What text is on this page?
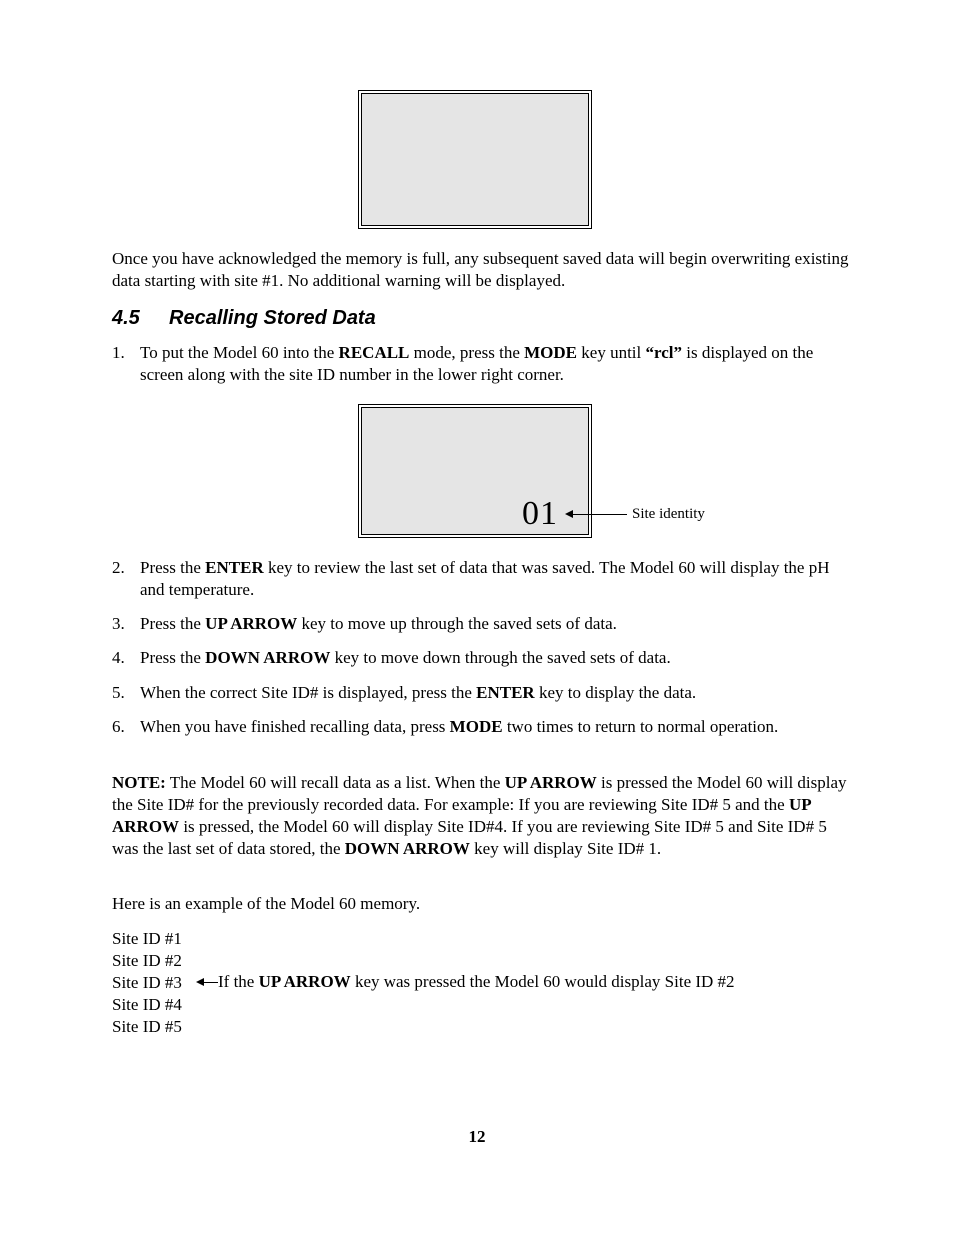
Once you have acknowledged the memory is full, any subsequent saved data will begin overwriting existing data starting with site #1. No additional warning will be displayed.
4.5 Recalling Stored Data
1. To put the Model 60 into the RECALL mode, press the MODE key until “rcl” is displayed on the screen along with the site ID number in the lower right corner.
01	Site identity
2. Press the ENTER key to review the last set of data that was saved. The Model 60 will display the pH and temperature.
3. Press the UP ARROW key to move up through the saved sets of data.
4. Press the DOWN ARROW key to move down through the saved sets of data.
5. When the correct Site ID# is displayed, press the ENTER key to display the data.
6. When you have finished recalling data, press MODE two times to return to normal operation.
NOTE: The Model 60 will recall data as a list. When the UP ARROW is pressed the Model 60 will display the Site ID# for the previously recorded data. For example: If you are reviewing Site ID# 5 and the UP ARROW is pressed, the Model 60 will display Site ID#4. If you are reviewing Site ID# 5 and Site ID# 5 was the last set of data stored, the DOWN ARROW key will display Site ID# 1.
Here is an example of the Model 60 memory.
Site ID #1
Site ID #2
Site ID #3
Site ID #4
Site ID #5
If the UP ARROW key was pressed the Model 60 would display Site ID #2
12
